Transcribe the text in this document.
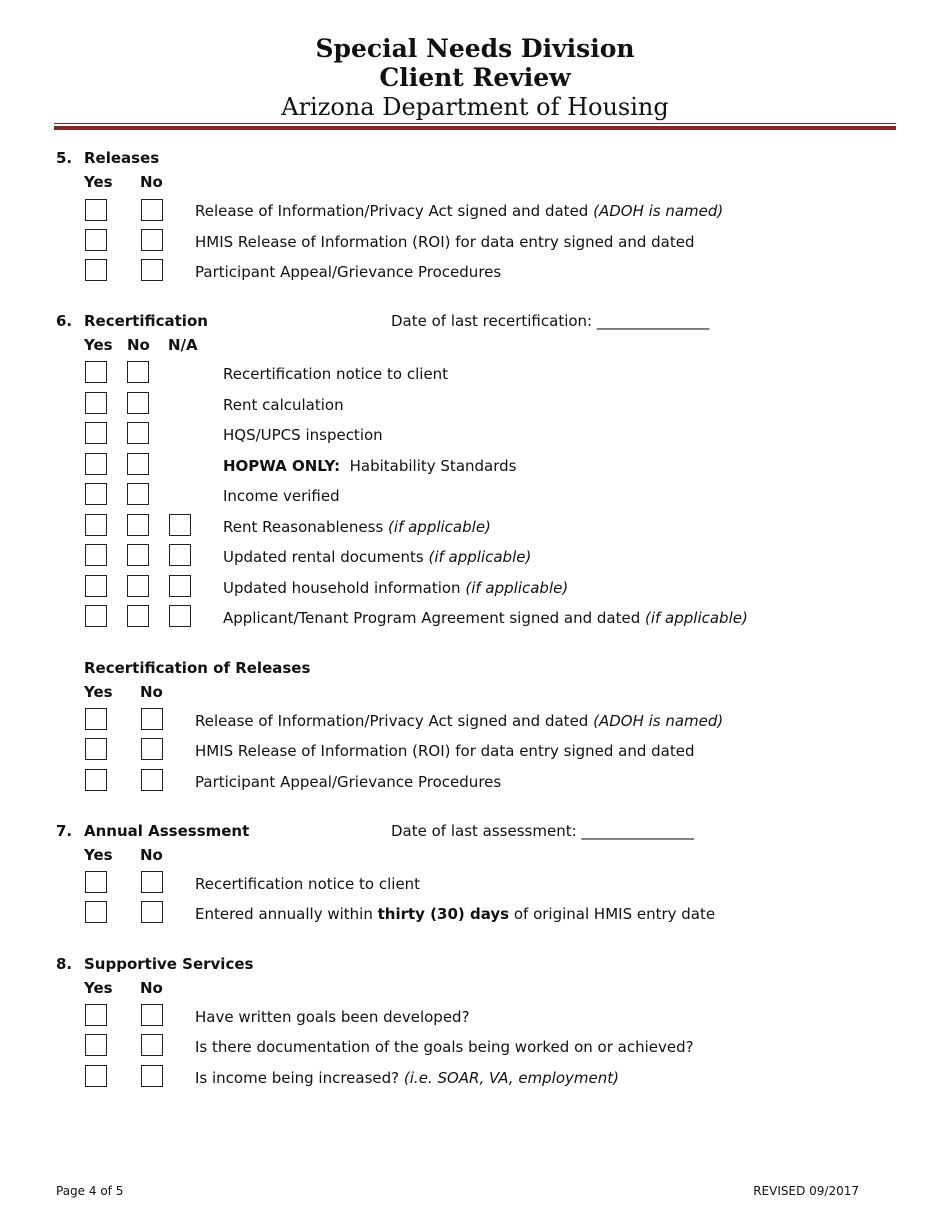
Special Needs Division
Client Review
Arizona Department of Housing
5. Releases
Yes No
Release of Information/Privacy Act signed and dated (ADOH is named)
HMIS Release of Information (ROI) for data entry signed and dated
Participant Appeal/Grievance Procedures
6. Recertification	Date of last recertification: _______________
Yes No N/A
Recertification notice to client
Rent calculation
HQS/UPCS inspection
HOPWA ONLY:  Habitability Standards
Income verified
Rent Reasonableness (if applicable)
Updated rental documents (if applicable)
Updated household information (if applicable)
Applicant/Tenant Program Agreement signed and dated (if applicable)
Recertification of Releases
Yes No
Release of Information/Privacy Act signed and dated (ADOH is named)
HMIS Release of Information (ROI) for data entry signed and dated
Participant Appeal/Grievance Procedures
7. Annual Assessment	Date of last assessment: _______________
Yes No
Recertification notice to client
Entered annually within thirty (30) days of original HMIS entry date
8. Supportive Services
Yes No
Have written goals been developed?
Is there documentation of the goals being worked on or achieved?
Is income being increased? (i.e. SOAR, VA, employment)
Page 4 of 5	REVISED 09/2017
